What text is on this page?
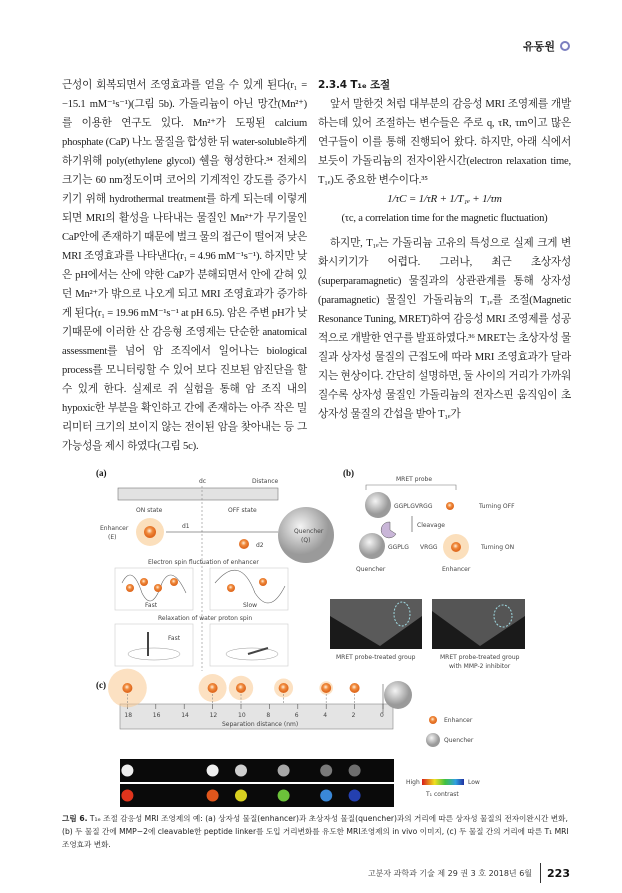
유동원

근성이 회복되면서 조영효과를 얻을 수 있게 된다(r₁ = −15.1 mM⁻¹s⁻¹)(그림 5b). 가돌리늄이 아닌 망간(Mn²⁺)를 이용한 연구도 있다. Mn²⁺가 도핑된 calcium phosphate (CaP) 나노 물질을 합성한 뒤 water-soluble하게 하기위해 poly(ethylene glycol) 쉘을 형성한다.³⁴ 전체의 크기는 60 nm정도이며 코어의 기계적인 강도를 증가시키기 위해 hydrothermal treatment를 하게 되는데 이렇게 되면 MRI의 활성을 나타내는 물질인 Mn²⁺가 무기물인 CaP안에 존재하기 때문에 벌크 물의 접근이 떨어져 낮은 MRI 조영효과를 나타낸다(r₁ = 4.96 mM⁻¹s⁻¹). 하지만 낮은 pH에서는 산에 약한 CaP가 분해되면서 안에 갇혀 있던 Mn²⁺가 밖으로 나오게 되고 MRI 조영효과가 증가하게 된다(r₁ = 19.96 mM⁻¹s⁻¹ at pH 6.5). 암은 주변 pH가 낮기때문에 이러한 산 감응형 조영제는 단순한 anatomical assessment를 넘어 암 조직에서 일어나는 biological process를 모니터링할 수 있어 보다 진보된 암진단을 할 수 있게 한다. 실제로 쥐 실험을 통해 암 조직 내의 hypoxic한 부분을 확인하고 간에 존재하는 아주 작은 밀리미터 크기의 보이지 않는 전이된 암을 찾아내는 등 그 가능성을 제시 하였다(그림 5c).

2.3.4 T₁ₑ 조절

앞서 말한것 처럼 대부분의 감응성 MRI 조영제를 개발하는데 있어 조절하는 변수들은 주로 q, τR, τm이고 많은 연구들이 이를 통해 진행되어 왔다. 하지만, 아래 식에서 보듯이 가돌리늄의 전자이완시간(electron relaxation time, T₁ₑ)도 중요한 변수이다.³⁵

1/τC = 1/τR + 1/T₁ₑ + 1/τm

(τc, a correlation time for the magnetic fluctuation)

하지만, T₁ₑ는 가돌리늄 고유의 특성으로 실제 크게 변화시키기가 어렵다. 그러나, 최근 초상자성(superparamagnetic) 물질과의 상관관계를 통해 상자성(paramagnetic) 물질인 가돌리늄의 T₁ₑ를 조절(Magnetic Resonance Tuning, MRET)하여 감응성 MRI 조영제를 성공적으로 개발한 연구를 발표하였다.³⁶ MRET는 초상자성 물질과 상자성 물질의 근접도에 따라 MRI 조영효과가 달라지는 현상이다. 간단히 설명하면, 둘 사이의 거리가 가까워질수록 상자성 물질인 가돌리늄의 전자스핀 움직임이 초상자성 물질의 간섭을 받아 T₁ₑ가

(a)
dc	Distance
ON state	OFF state
Enhancer
(E)
d1
d2
Quencher
(Q)
Electron spin fluctuation of enhancer
Fast	Slow
Relaxation of water proton spin
Fast
(b)
MRET probe
GGPLGVRGG	Turning OFF
Cleavage
GGPLG VRGG	Turning ON
Quencher	Enhancer
MRET probe-treated group	MRET probe-treated group
with MMP-2 inhibitor
(c)
18	16	14	12	10	8	6	4	2	0
Separation distance (nm)
Enhancer
Quencher
High	Low
T₁ contrast
그림 6. T₁ₑ 조절 감응성 MRI 조영제의 예: (a) 상자성 물질(enhancer)과 초상자성 물질(quencher)과의 거리에 따른 상자성 물질의 전자이완시간 변화, (b) 두 물질 간에 MMP−2에 cleavable한 peptide linker를 도입 거리변화를 유도한 MRI조영제의 in vivo 이미지, (c) 두 물질 간의 거리에 따른 T₁ MRI 조영효과 변화.
고분자 과학과 기술 제 29 권 3 호 2018년 6월 223
